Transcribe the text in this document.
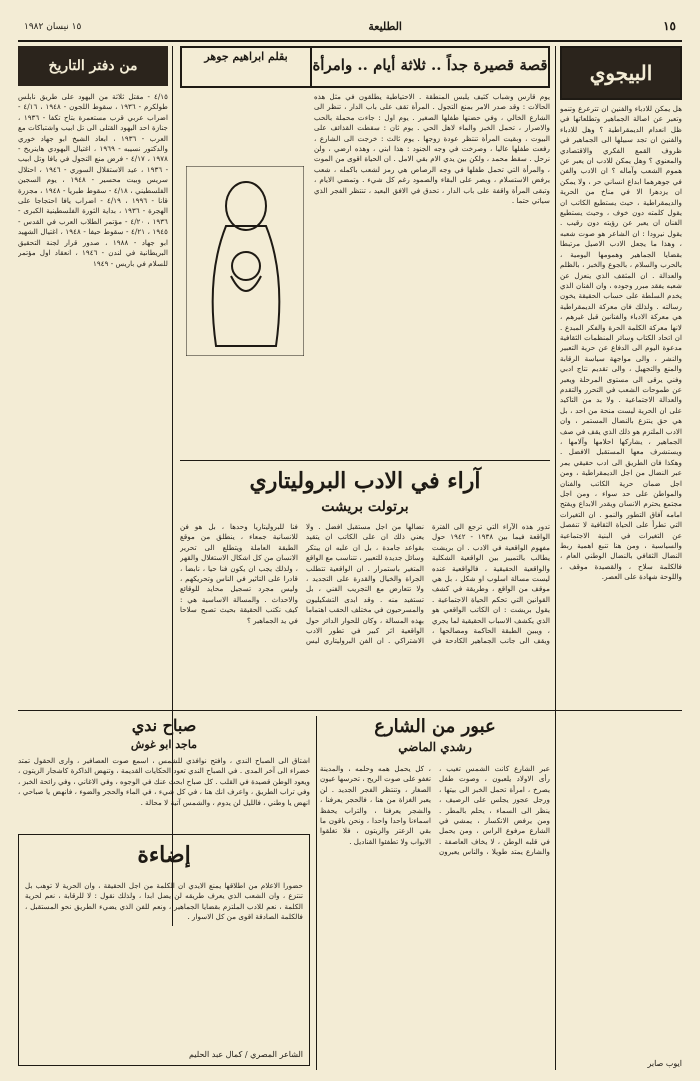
١٥
الطليعة
١٥ نيسان ١٩٨٢
البيجوي
هل يمكن للادباء والفنين ان تترعرع وتنمو وتعبر عن اصالة الجماهير وتطلعاتها في ظل انعدام الديمقراطية ؟ وهل للادباء والفنين ان تجد سبيلها الى الجماهير في ظروف القمع الفكري والاقتصادي والمعنوي ؟ وهل يمكن للادب ان يعبر عن هموم الشعب وآماله ؟ ان الادب والفن في جوهرهما ابداع انساني حر ، ولا يمكن ان يزدهرا الا في مناخ من الحرية والديمقراطية ، حيث يستطيع الكاتب ان يقول كلمته دون خوف ، وحيث يستطيع الفنان ان يعبر عن رؤيته دون رقيب . يقول نيرودا : ان الشاعر هو صوت شعبه ، وهذا ما يجعل الادب الاصيل مرتبطا بقضايا الجماهير وهمومها اليومية ، بالحرب والسلام ، بالجوع والخبز ، بالظلم والعدالة . ان المثقف الذي ينعزل عن شعبه يفقد مبرر وجوده ، وان الفنان الذي يخدم السلطة على حساب الحقيقة يخون رسالته . ولذلك فان معركة الديمقراطية هي معركة الادباء والفنانين قبل غيرهم ، لانها معركة الكلمة الحرة والفكر المبدع . ان اتحاد الكتاب وسائر المنظمات الثقافية مدعوة اليوم الى الدفاع عن حرية التعبير والنشر ، والى مواجهة سياسة الرقابة والمنع والتجهيل ، والى تقديم نتاج ادبي وفني يرقى الى مستوى المرحلة ويعبر عن طموحات الشعب في التحرر والتقدم والعدالة الاجتماعية . ولا بد من التاكيد على ان الحرية ليست منحة من احد ، بل هي حق ينتزع بالنضال المستمر ، وان الادب الملتزم هو ذلك الذي يقف في صف الجماهير ، يشاركها احلامها وآلامها ، ويستشرف معها المستقبل الافضل . وهكذا فان الطريق الى ادب حقيقي يمر عبر النضال من اجل الديمقراطية ، ومن اجل ضمان حرية الكاتب والفنان والمواطن على حد سواء ، ومن اجل مجتمع يحترم الانسان ويقدر الابداع ويفتح امامه آفاق التطور والنمو . ان التغيرات التي تطرأ على الحياة الثقافية لا تنفصل عن التغيرات في البنية الاجتماعية والسياسية ، ومن هنا تنبع اهمية ربط النضال الثقافي بالنضال الوطني العام ، فالكلمة سلاح ، والقصيدة موقف ، واللوحة شهادة على العصر.
ايوب صابر
قصة قصيرة جداً .. ثلاثة أيام .. وامرأة
بقلم ابراهيم جوهر
يوم قارس وشباب كثيف يلبس المنطقة . الاحتياطية يطلقون في مثل هذه الحالات : وقد صدر الامر بمنع التجول . المرأة تقف على باب الدار ، تنظر الى الشارع الخالي ، وفي حضنها طفلها الصغير . يوم اول : جاءت محملة بالحب والاصرار ، تحمل الخبز والماء لاهل الحي . يوم ثان : سقطت القذائف على البيوت ، وبقيت المرأة تنتظر عودة زوجها . يوم ثالث : خرجت الى الشارع ، رفعت طفلها عاليا ، وصرخت في وجه الجنود : هذا ابني ، وهذه ارضي ، ولن نرحل . سقط محمد ، ولكن بين يدي الام بقي الامل . ان الحياة اقوى من الموت ، والمرأة التي تحمل طفلها في وجه الرصاص هي رمز لشعب باكمله ، شعب يرفض الاستسلام ، ويصر على البقاء والصمود رغم كل شيء . وتمضي الايام ، وتبقى المرأة واقفة على باب الدار ، تحدق في الافق البعيد ، تنتظر الفجر الذي سياتي حتما .
من دفتر التاريخ
٤/١٥ - مقتل ثلاثة من اليهود على طريق نابلس طولكرم - ١٩٣٦ ، سقوط اللجون - ١٩٤٨ ، ٤/١٦ - اضراب عربي قرب مستعمرة بتاح تكفا - ١٩٣٦ ، جنازة احد اليهود القتلى الى تل ابيب واشتباكات مع العرب - ١٩٣٦ ، ابعاد الشيخ ابو جهاد خوري والدكتور نسيبه - ١٩٦٩ ، اغتيال اليهودي هاينريخ - ١٩٧٨ ، ٤/١٧ - فرض منع التجول في يافا وتل ابيب - ١٩٣٦ ، عيد الاستقلال السوري - ١٩٤٦ ، احتلال سريس وبيت محسير - ١٩٤٨ ، يوم السجين الفلسطيني ، ٤/١٨ - سقوط طبريا - ١٩٤٨ ، مجزرة قانا - ١٩٩٦ ، ٤/١٩ - اضراب يافا احتجاجا على الهجرة - ١٩٣٦ ، بداية الثورة الفلسطينية الكبرى - ١٩٣٦ ، ٤/٢٠ - مؤتمر الطلاب العرب في القدس - ١٩٤٥ ، ٤/٢١ - سقوط حيفا - ١٩٤٨ ، اغتيال الشهيد ابو جهاد - ١٩٨٨ ، صدور قرار لجنة التحقيق البريطانية في لندن - ١٩٤٦ ، انعقاد اول مؤتمر للسلام في باريس - ١٩٤٩
آراء في الادب البروليتاري
برتولت بريشت
تدور هذه الآراء التي ترجع الى الفترة الواقعة فيما بين ١٩٣٨ - ١٩٤٢ حول مفهوم الواقعية في الادب . ان بريشت يطالب بالتمييز بين الواقعية الشكلية والواقعية الحقيقية ، فالواقعية عنده ليست مسالة اسلوب او شكل ، بل هي موقف من الواقع ، وطريقة في كشف القوانين التي تحكم الحياة الاجتماعية . يقول بريشت : ان الكاتب الواقعي هو الذي يكشف الاسباب الحقيقية لما يجري ، ويبين الطبقة الحاكمة ومصالحها ، ويقف الى جانب الجماهير الكادحة في نضالها من اجل مستقبل افضل . ولا يعني ذلك ان على الكاتب ان يتقيد بقواعد جامدة ، بل ان عليه ان يبتكر وسائل جديدة للتعبير ، تتناسب مع الواقع المتغير باستمرار . ان الواقعية تتطلب الجراة والخيال والقدرة على التجديد ، ولا تتعارض مع التجريب الفني ، بل تستفيد منه . وقد ابدى التشكيليون والمسرحيون في مختلف الحقب اهتماما بهذه المسالة ، وكان للحوار الدائر حول الواقعية اثر كبير في تطور الادب الاشتراكي . ان الفن البروليتاري ليس فنا للبروليتاريا وحدها ، بل هو فن للانسانية جمعاء ، ينطلق من موقع الطبقة العاملة ويتطلع الى تحرير الانسان من كل اشكال الاستغلال والقهر ، ولذلك يجب ان يكون فنا حيا ، نابضا ، قادرا على التاثير في الناس وتحريكهم ، وليس مجرد تسجيل محايد للوقائع والاحداث . والمسالة الاساسية هي : كيف نكتب الحقيقة بحيث تصبح سلاحا في يد الجماهير ؟
عبور من الشارع
رشدي الماضي
عبر الشارع كانت الشمس تغيب ، رأى الاولاد يلعبون ، وصوت طفل يصرخ ، امرأة تحمل الخبز الى بيتها ، ورجل عجوز يجلس على الرصيف ، ينظر الى السماء ، يحلم بالمطر . ومن يرفض الانكسار ، يمشي في الشارع مرفوع الراس ، ومن يحمل في قلبه الوطن ، لا يخاف العاصفة . والشارع يمتد طويلا ، والناس يعبرون ، كل يحمل همه وحلمه ، والمدينة تغفو على صوت الريح ، تحرسها عيون الصغار ، وتنتظر الفجر الجديد . لن يعبر الغزاة من هنا ، فالحجر يعرفنا ، والشجر يعرفنا ، والتراب يحفظ اسماءنا واحدا واحدا ، ونحن باقون ما بقي الزعتر والزيتون ، فلا تغلقوا الابواب ولا تطفئوا القناديل .
صباح ندي
ماجد ابو غوش
اشتاق الى الصباح الندي ، وافتح نوافذي للشمس ، اسمع صوت العصافير ، وارى الحقول تمتد خضراء الى آخر المدى . في الصباح الندي تعود الحكايات القديمة ، وتنهض الذاكرة كاشجار الزيتون ، ويعود الوطن قصيدة في القلب . كل صباح ابحث عنك في الوجوه ، وفي الاغاني ، وفي رائحة الخبز ، وفي تراب الطريق ، واعرف انك هنا ، في كل شيء ، في الماء والحجر والضوء ، فانهض يا صباحي ، انهض يا وطني ، فالليل لن يدوم ، والشمس آتية لا محالة .
إضاءة
حضورا الاعلام من اطلاقها يمنع الايدي ان الكلمة من اجل الحقيقة ، وان الحرية لا توهب بل تنتزع ، وان الشعب الذي يعرف طريقه لن يضل ابدا ، ولذلك نقول : لا للرقابة ، نعم لحرية الكلمة ، نعم للادب الملتزم بقضايا الجماهير ، ونعم للفن الذي يضيء الطريق نحو المستقبل ، فالكلمة الصادقة اقوى من كل الاسوار .
الشاعر المصري / كمال عبد الحليم
